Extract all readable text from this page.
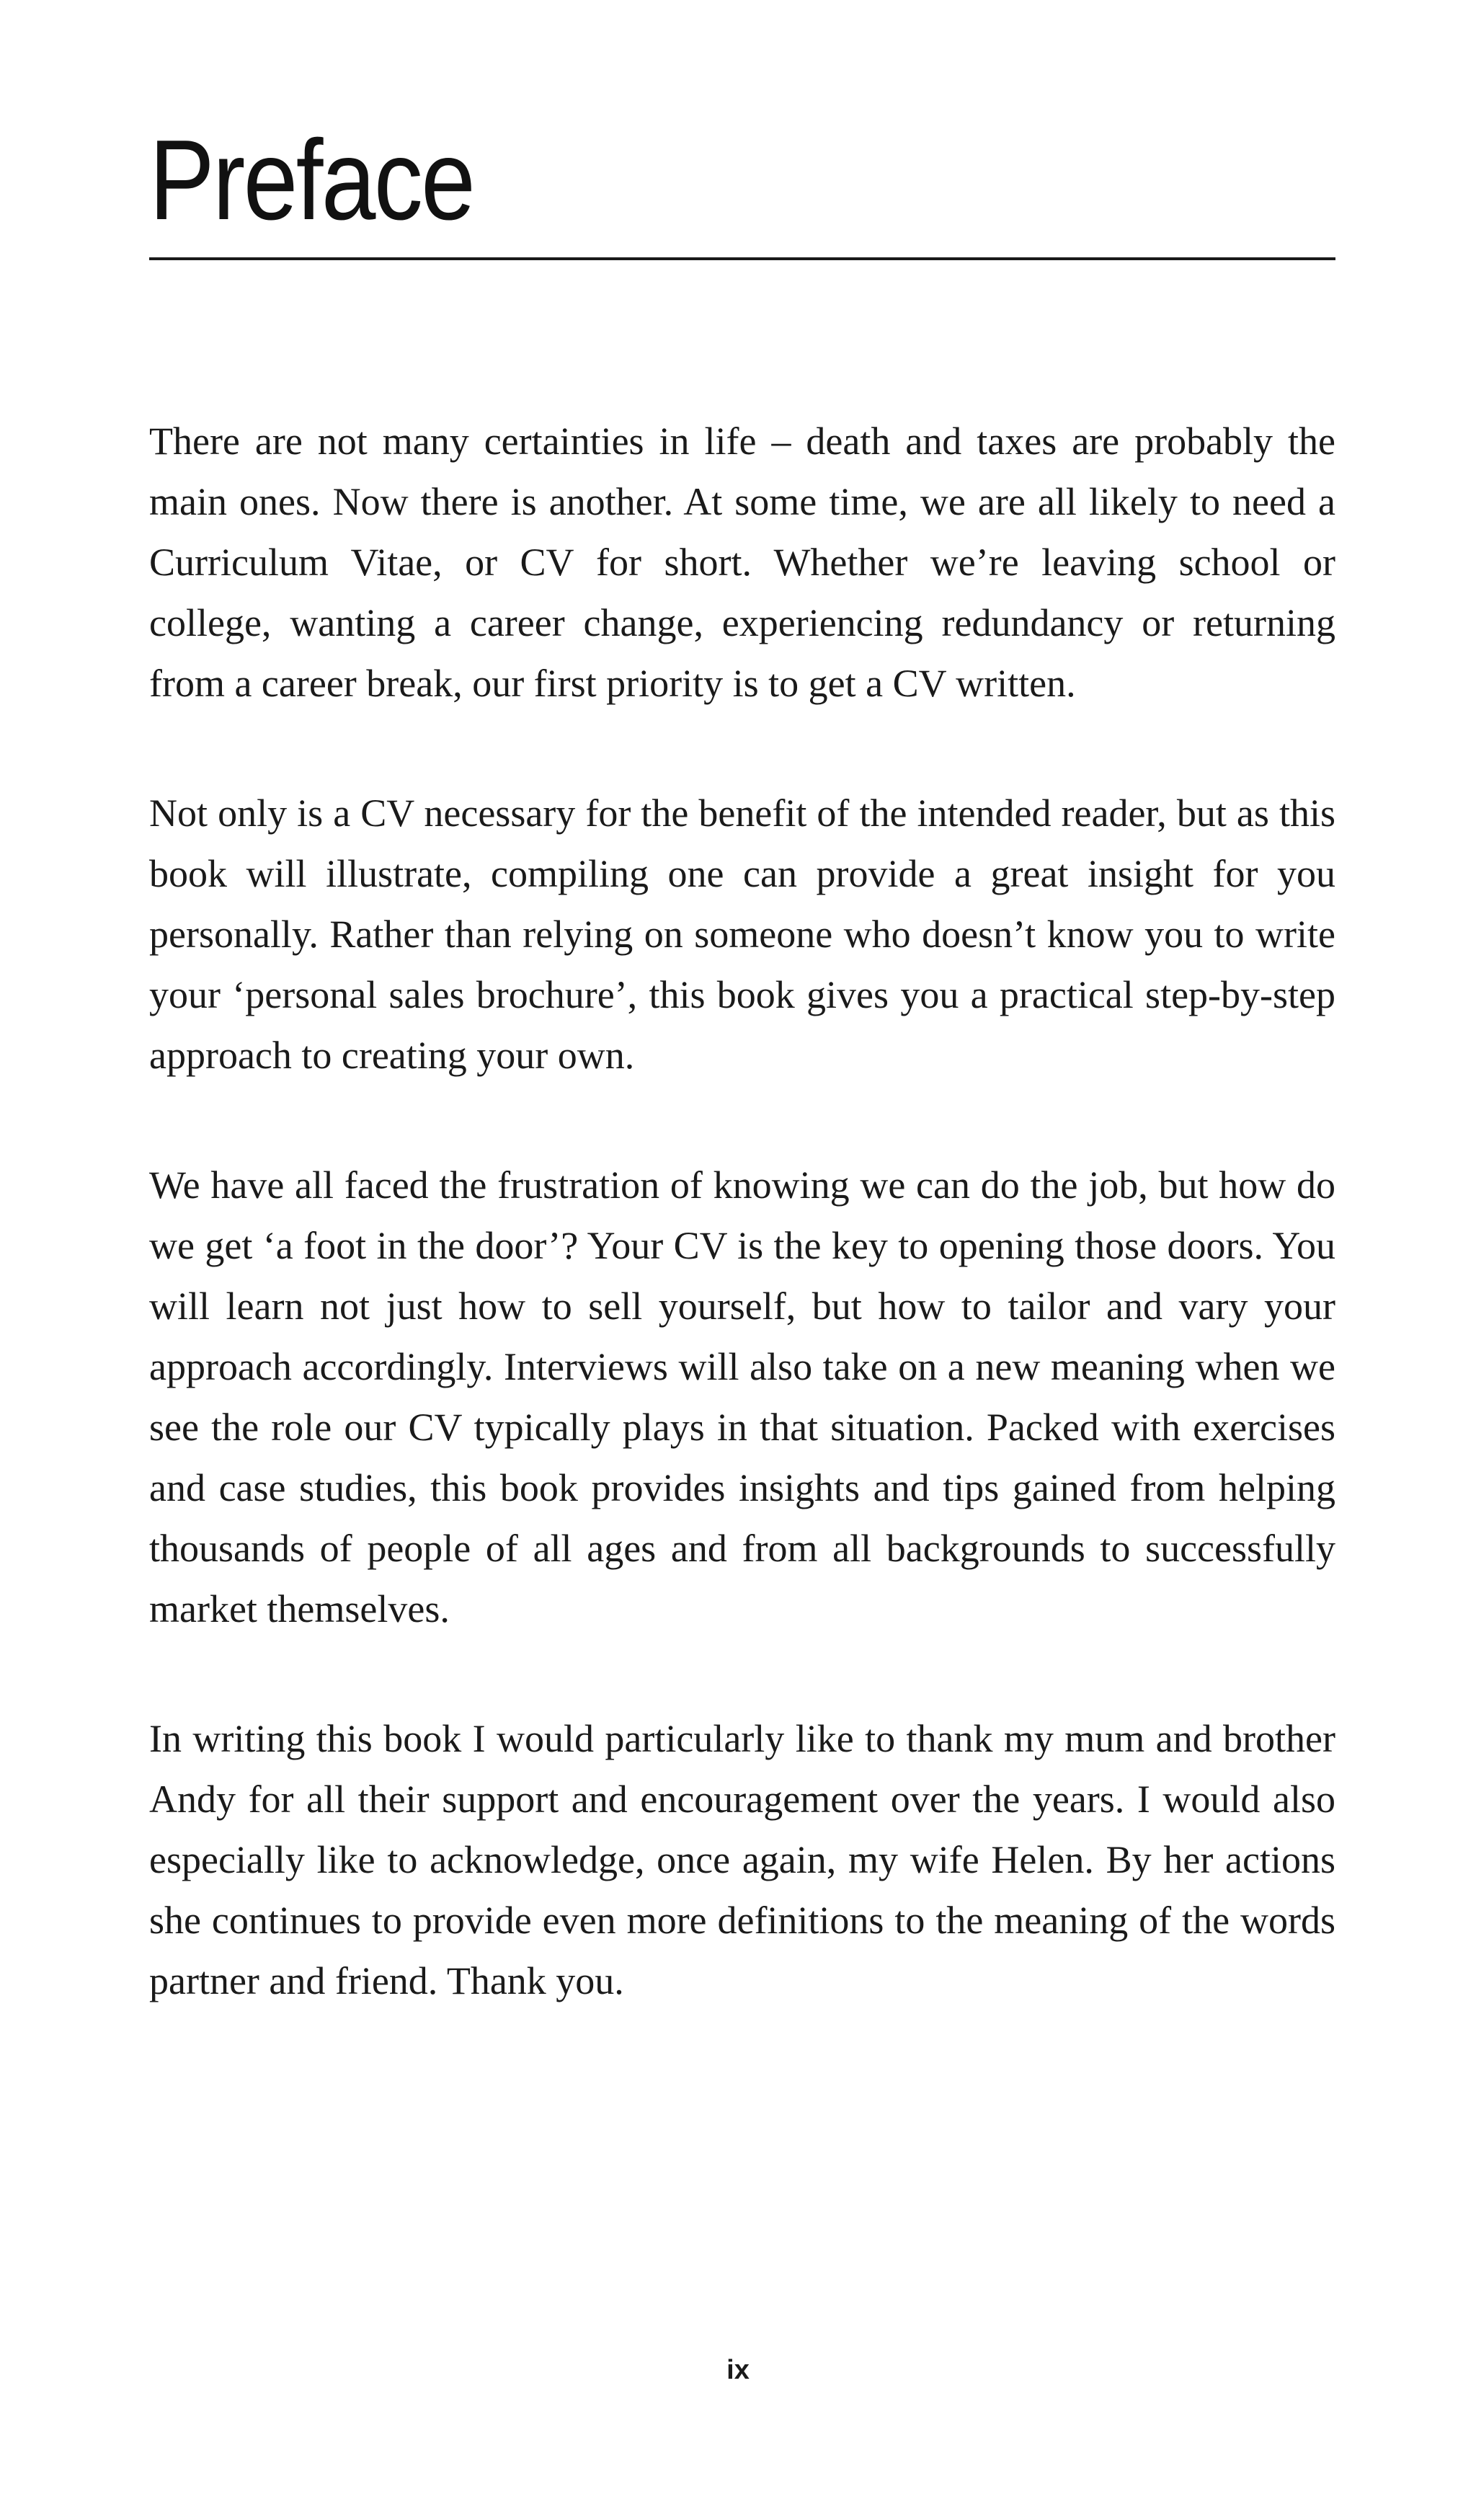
Preface

There are not many certainties in life – death and taxes are probably the main ones. Now there is another. At some time, we are all likely to need a Curriculum Vitae, or CV for short. Whether we’re leaving school or college, wanting a career change, experiencing redundancy or returning from a career break, our first priority is to get a CV written.

Not only is a CV necessary for the benefit of the intended reader, but as this book will illustrate, compiling one can provide a great insight for you personally. Rather than relying on someone who doesn’t know you to write your ‘personal sales brochure’, this book gives you a practical step-by-step approach to creating your own.

We have all faced the frustration of knowing we can do the job, but how do we get ‘a foot in the door’? Your CV is the key to opening those doors. You will learn not just how to sell yourself, but how to tailor and vary your approach accordingly. Interviews will also take on a new meaning when we see the role our CV typically plays in that situation. Packed with exercises and case studies, this book provides insights and tips gained from helping thousands of people of all ages and from all backgrounds to successfully market themselves.

In writing this book I would particularly like to thank my mum and brother Andy for all their support and encouragement over the years. I would also especially like to acknowledge, once again, my wife Helen. By her actions she continues to provide even more definitions to the meaning of the words partner and friend. Thank you.

ix
